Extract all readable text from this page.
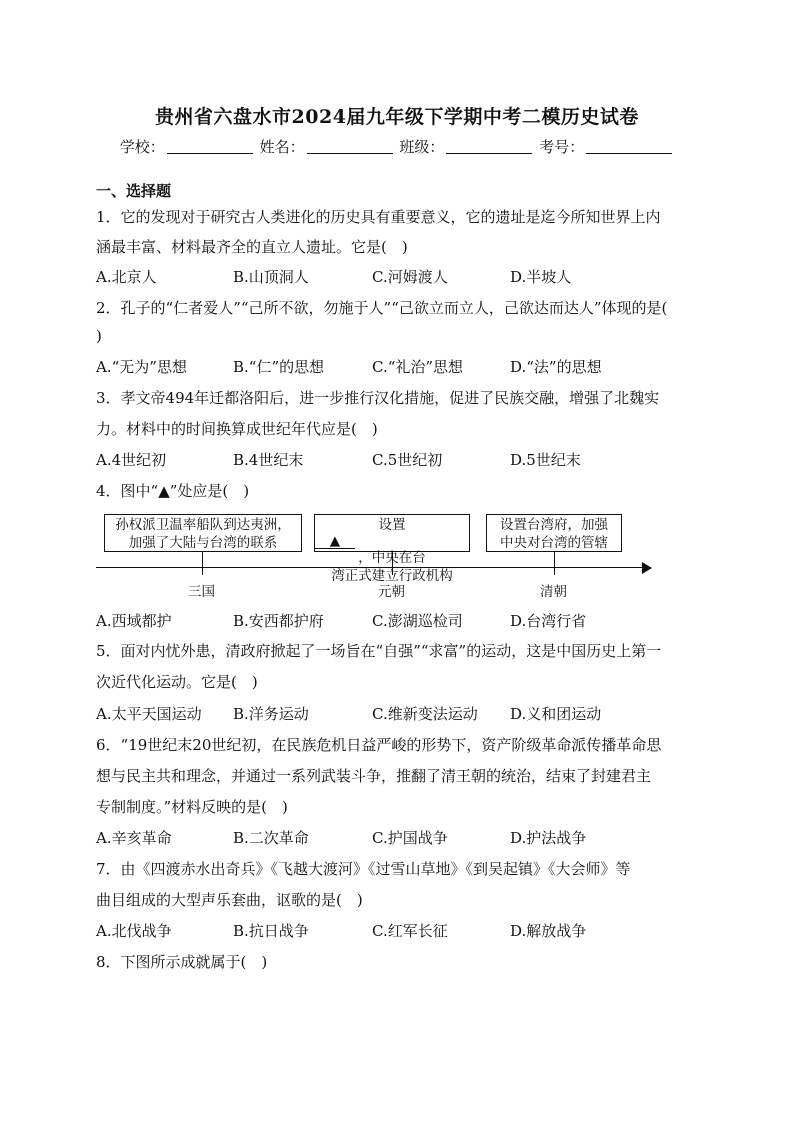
贵州省六盘水市2024届九年级下学期中考二模历史试卷
学校：	姓名：	班级：	考号：
一、选择题
1．它的发现对于研究古人类进化的历史具有重要意义，它的遗址是迄今所知世界上内
涵最丰富、材料最齐全的直立人遗址。它是(　)
A.北京人	B.山顶洞人	C.河姆渡人	D.半坡人
2．孔子的“仁者爱人”“己所不欲，勿施于人”“己欲立而立人，己欲达而达人”体现的是(
)
A.“无为”思想	B.“仁”的思想	C.“礼治”思想	D.“法”的思想
3．孝文帝494年迁都洛阳后，进一步推行汉化措施，促进了民族交融，增强了北魏实
力。材料中的时间换算成世纪年代应是(　)
A.4世纪初	B.4世纪末	C.5世纪初	D.5世纪末
4．图中“▲”处应是(　)
孙权派卫温率船队到达夷洲，
加强了大陆与台湾的联系
设置
▲
，中央在台
湾正式建立行政机构
设置台湾府，加强
中央对台湾的管辖
三国	元朝	清朝
A.西域都护	B.安西都护府	C.澎湖巡检司	D.台湾行省
5．面对内忧外患，清政府掀起了一场旨在“自强”“求富”的运动，这是中国历史上第一
次近代化运动。它是(　)
A.太平天国运动 B.洋务运动	C.维新变法运动 D.义和团运动
6．“19世纪末20世纪初，在民族危机日益严峻的形势下，资产阶级革命派传播革命思
想与民主共和理念，并通过一系列武装斗争，推翻了清王朝的统治，结束了封建君主
专制制度。”材料反映的是(　)
A.辛亥革命	B.二次革命	C.护国战争	D.护法战争
7．由《四渡赤水出奇兵》《飞越大渡河》《过雪山草地》《到吴起镇》《大会师》等
曲目组成的大型声乐套曲，讴歌的是(　)
A.北伐战争	B.抗日战争	C.红军长征	D.解放战争
8．下图所示成就属于(　)
